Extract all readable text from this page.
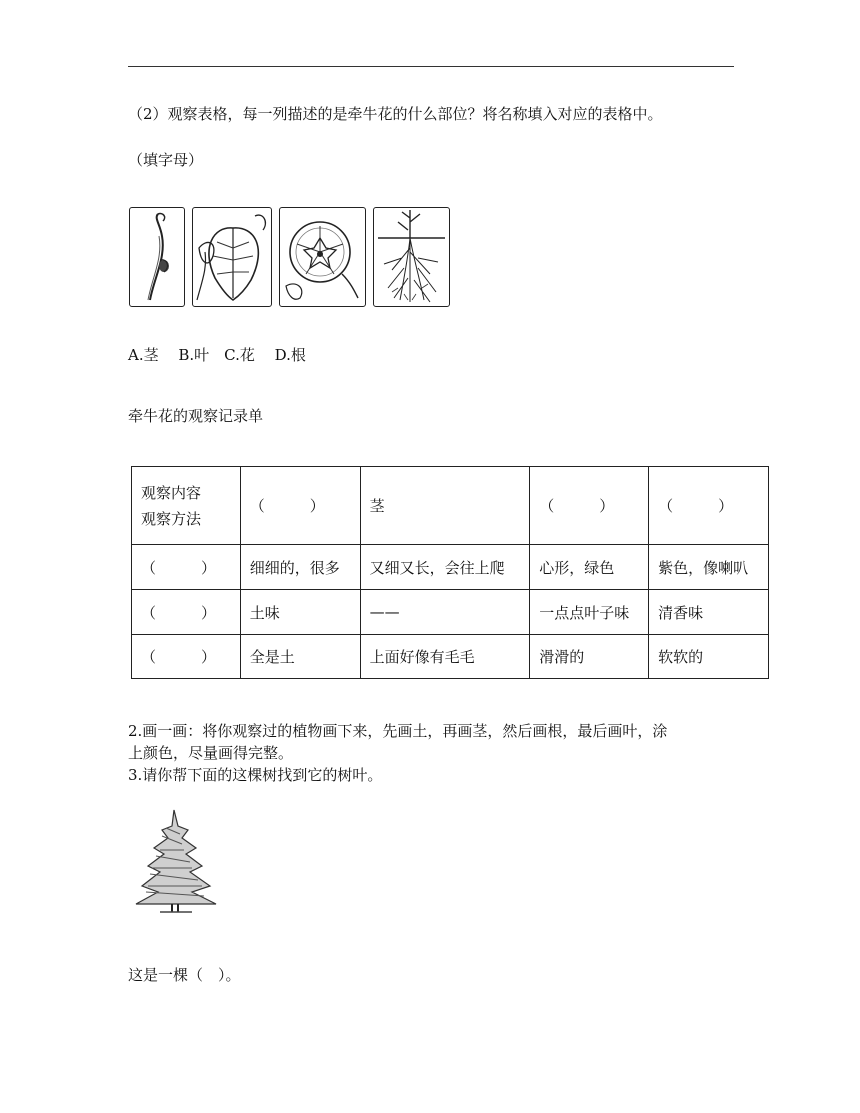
（2）观察表格，每一列描述的是牵牛花的什么部位？将名称填入对应的表格中。
（填字母）
A.茎　 B.叶　C.花　 D.根
牵牛花的观察记录单
观察内容
观察方法	（　　　）	茎	（　　　）	（　　　）
（　　　）	细细的，很多	又细又长，会往上爬	心形，绿色	紫色，像喇叭
（　　　）	土味	——	一点点叶子味	清香味
（　　　）	全是土	上面好像有毛毛	滑滑的	软软的
2.画一画：将你观察过的植物画下来，先画土，再画茎，然后画根，最后画叶，涂
上颜色，尽量画得完整。
3.请你帮下面的这棵树找到它的树叶。
这是一棵（　）。
